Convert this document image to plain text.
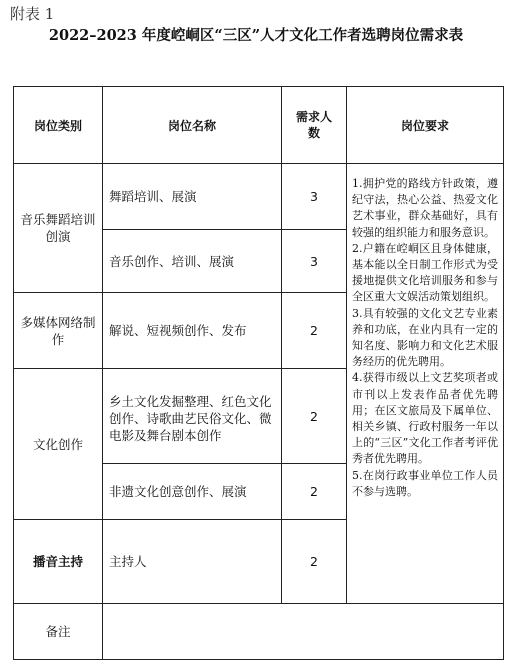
附表 1
2022–2023 年度崆峒区“三区”人才文化工作者选聘岗位需求表
岗位类别	岗位名称	需求人数	岗位要求
音乐舞蹈培训创演	舞蹈培训、展演	3	1.拥护党的路线方针政策，遵纪守法，热心公益、热爱文化艺术事业，群众基础好，具有较强的组织能力和服务意识。
2.户籍在崆峒区且身体健康，基本能以全日制工作形式为受援地提供文化培训服务和参与全区重大文娱活动策划组织。
3.具有较强的文化文艺专业素养和功底，在业内具有一定的知名度、影响力和文化艺术服务经历的优先聘用。
4.获得市级以上文艺奖项者或市刊以上发表作品者优先聘用；在区文旅局及下属单位、相关乡镇、行政村服务一年以上的“三区”文化工作者考评优秀者优先聘用。
5.在岗行政事业单位工作人员不参与选聘。

	音乐创作、培训、展演	3	
多媒体网络制作	解说、短视频创作、发布	2	
文化创作	乡土文化发掘整理、红色文化创作、诗歌曲艺民俗文化、微电影及舞台剧本创作	2	
	非遗文化创意创作、展演	2	
播音主持	主持人	2	
备注			
